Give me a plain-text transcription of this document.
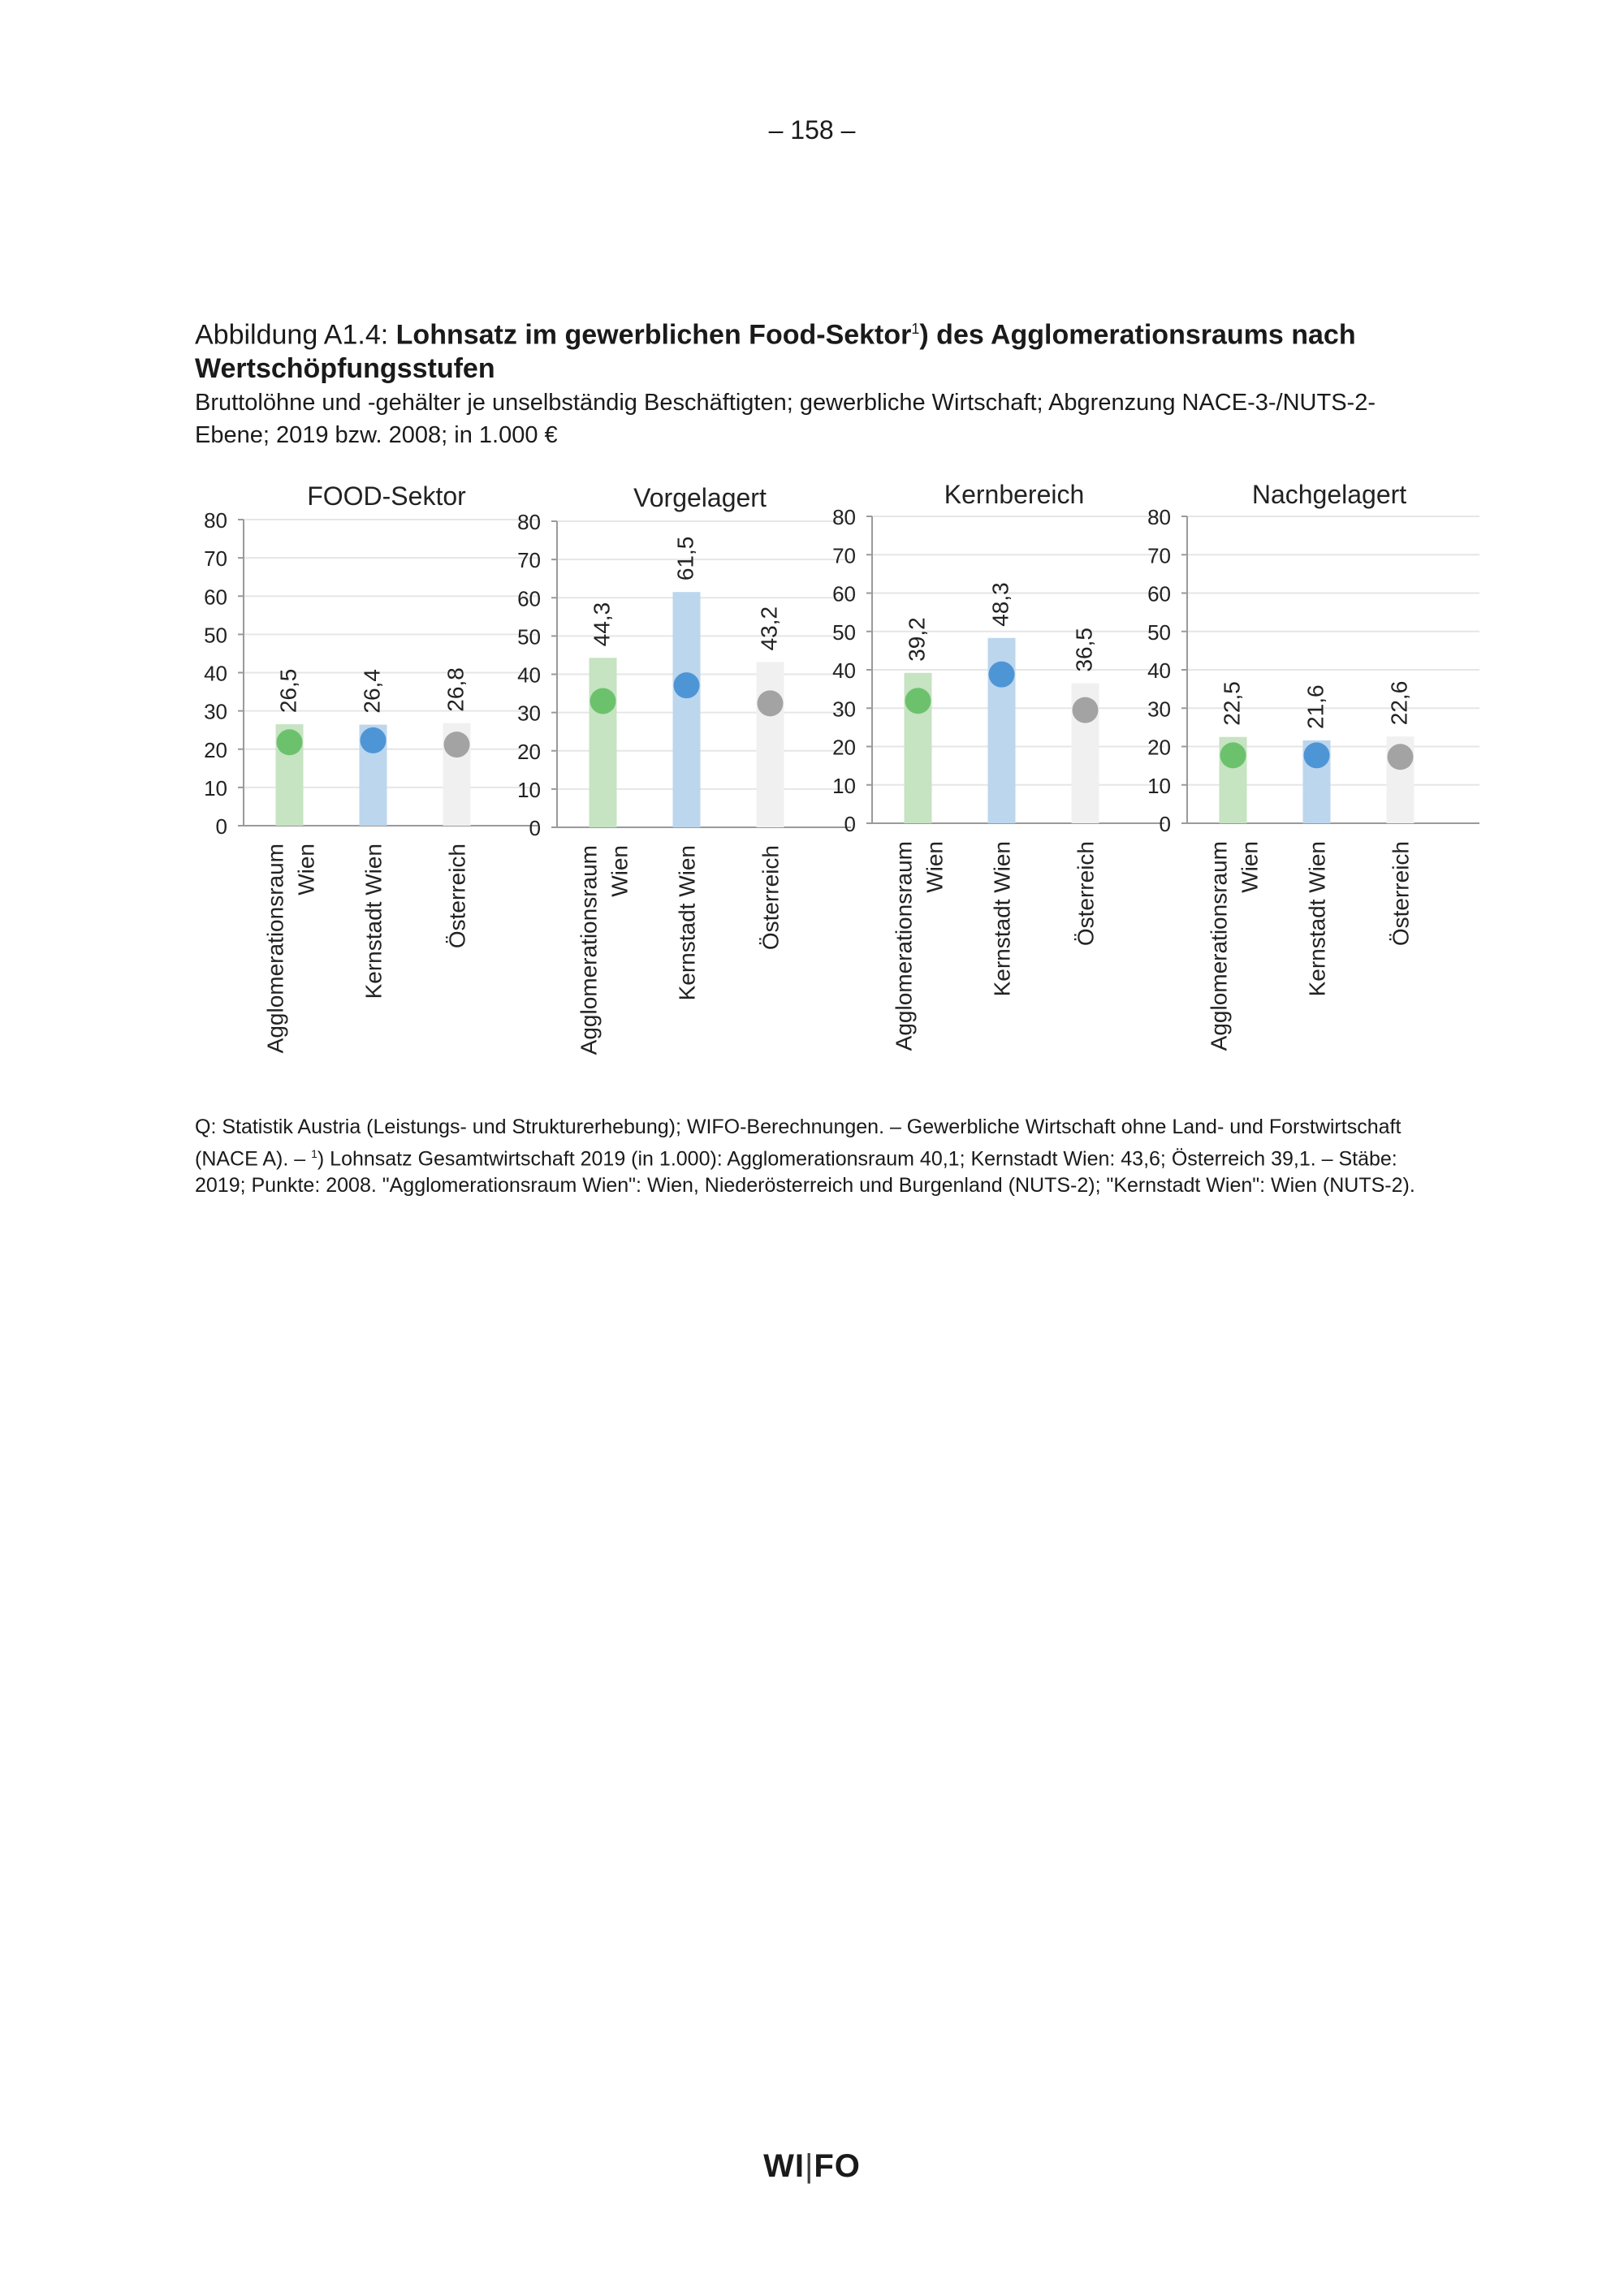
– 158 –
Abbildung A1.4: Lohnsatz im gewerblichen Food-Sektor$^1$) des Agglomerationsraums nach Wertschöpfungsstufen
Bruttolöhne und -gehälter je unselbständig Beschäftigten; gewerbliche Wirtschaft; Abgrenzung NACE-3-/NUTS-2-Ebene; 2019 bzw. 2008; in 1.000 €
FOOD-Sektor
0
10
20
30
40
50
60
70
80
26,5
Agglomerationsraum Wien
26,4
Kernstadt Wien
26,8
Österreich
Vorgelagert
0
10
20
30
40
50
60
70
80
44,3
Agglomerationsraum Wien
61,5
Kernstadt Wien
43,2
Österreich
Kernbereich
0
10
20
30
40
50
60
70
80
39,2
Agglomerationsraum Wien
48,3
Kernstadt Wien
36,5
Österreich
Nachgelagert
0
10
20
30
40
50
60
70
80
22,5
Agglomerationsraum Wien
21,6
Kernstadt Wien
22,6
Österreich
Q: Statistik Austria (Leistungs- und Strukturerhebung); WIFO-Berechnungen. – Gewerbliche Wirtschaft ohne Land- und Forstwirtschaft (NACE A). – $^1$) Lohnsatz Gesamtwirtschaft 2019 (in 1.000): Agglomerationsraum 40,1; Kernstadt Wien: 43,6; Österreich 39,1. – Stäbe: 2019; Punkte: 2008. "Agglomerationsraum Wien": Wien, Niederösterreich und Burgenland (NUTS-2); "Kernstadt Wien": Wien (NUTS-2).
WI|FO
